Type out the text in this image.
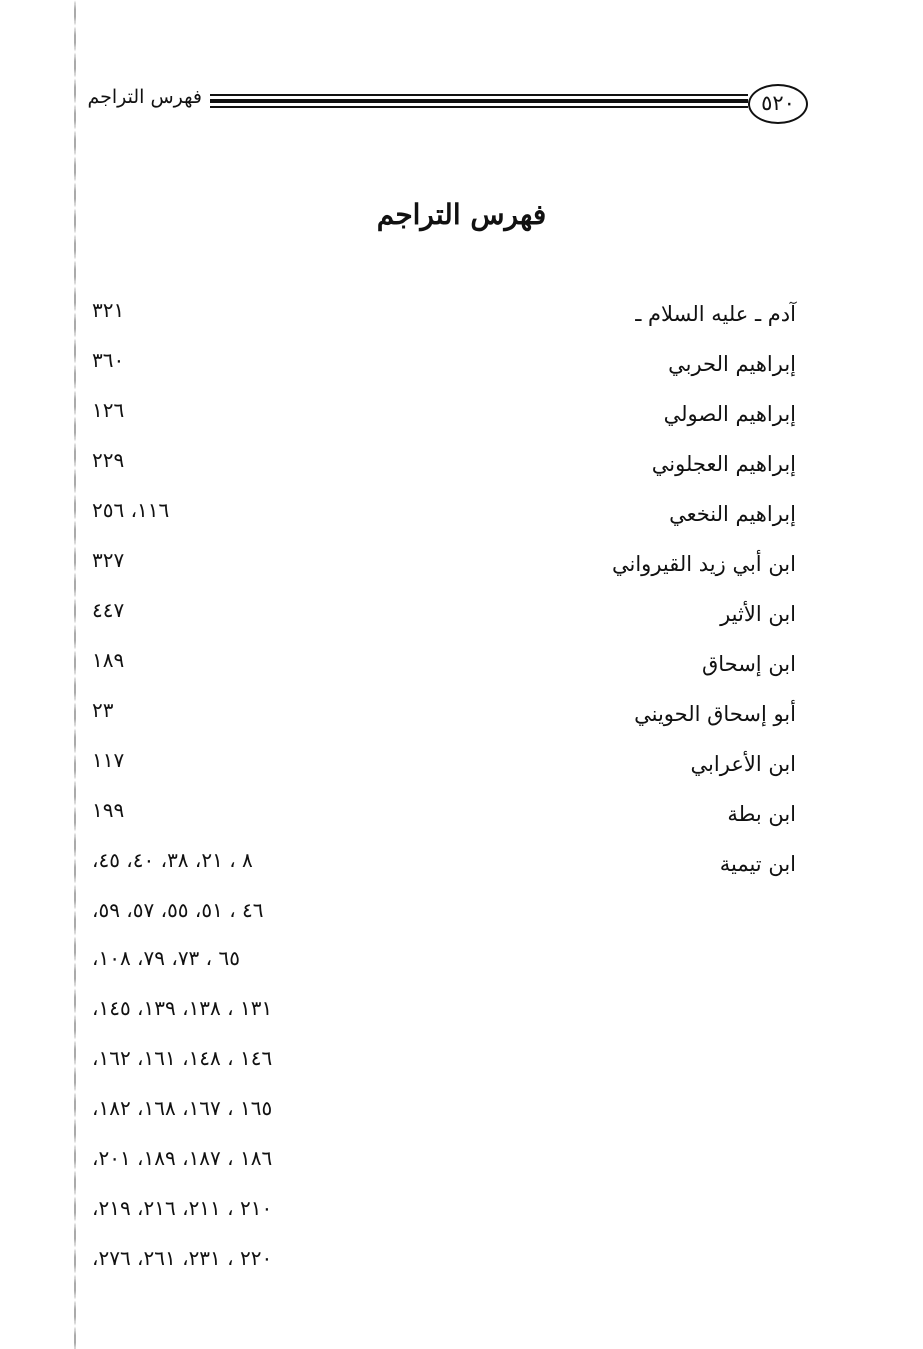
٥٢٠
فهرس التراجم
فهرس التراجم
آدم ـ عليه السلام ـ
٣٢١
إبراهيم الحربي
٣٦٠
إبراهيم الصولي
١٢٦
إبراهيم العجلوني
٢٢٩
إبراهيم النخعي
١١٦، ٢٥٦
ابن أبي زيد القيرواني
٣٢٧
ابن الأثير
٤٤٧
ابن إسحاق
١٨٩
أبو إسحاق الحويني
٢٣
ابن الأعرابي
١١٧
ابن بطة
١٩٩
ابن تيمية
٨ ، ٢١، ٣٨، ٤٠، ٤٥،
٤٦ ، ٥١، ٥٥، ٥٧، ٥٩،
٦٥ ، ٧٣، ٧٩، ١٠٨،
١٣١ ، ١٣٨، ١٣٩، ١٤٥،
١٤٦ ، ١٤٨، ١٦١، ١٦٢،
١٦٥ ، ١٦٧، ١٦٨، ١٨٢،
١٨٦ ، ١٨٧، ١٨٩، ٢٠١،
٢١٠ ، ٢١١، ٢١٦، ٢١٩،
٢٢٠ ، ٢٣١، ٢٦١، ٢٧٦،
